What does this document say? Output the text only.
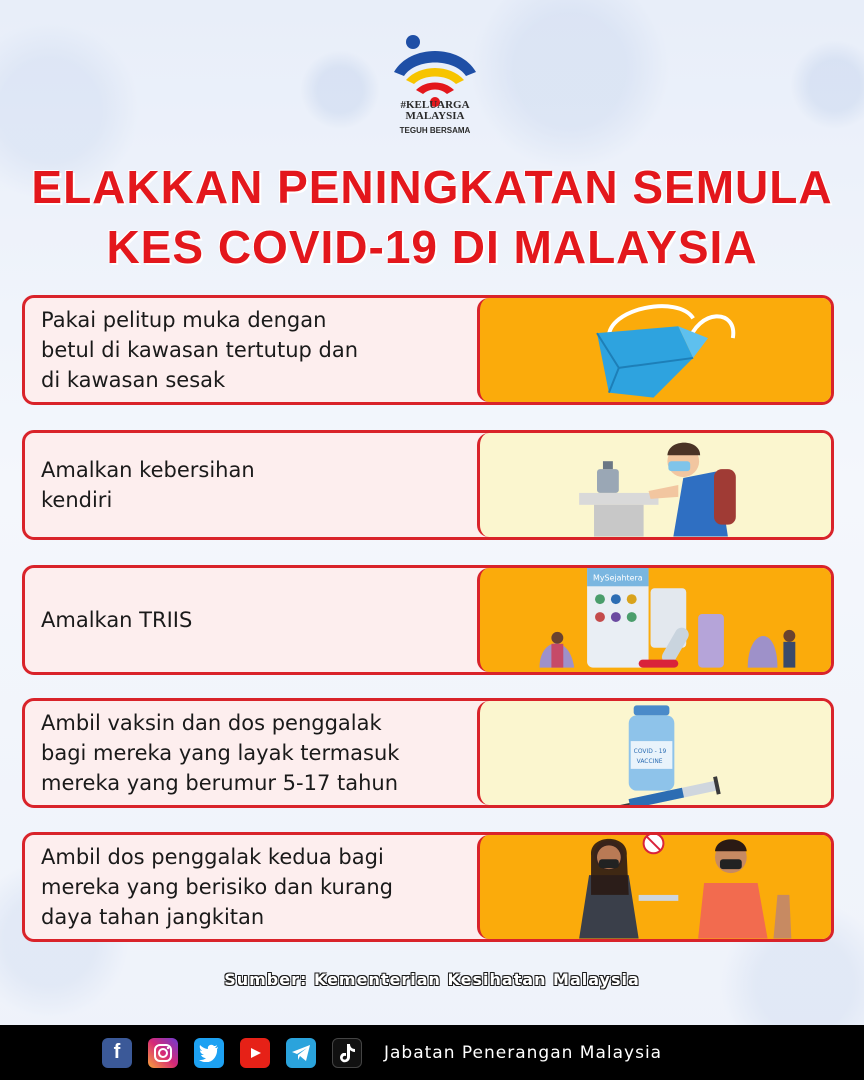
#KELUARGA MALAYSIA
TEGUH BERSAMA
ELAKKAN PENINGKATAN SEMULA
KES COVID-19 DI MALAYSIA
Pakai pelitup muka dengan
betul di kawasan tertutup dan
di kawasan sesak
Amalkan kebersihan
kendiri
Amalkan TRIIS
MySejahtera
Ambil vaksin dan dos penggalak
bagi mereka yang layak termasuk
mereka yang berumur 5-17 tahun
COVID - 19
VACCINE
Ambil dos penggalak kedua bagi
mereka yang berisiko dan kurang
daya tahan jangkitan
Sumber: Kementerian Kesihatan Malaysia
f	Jabatan Penerangan Malaysia
